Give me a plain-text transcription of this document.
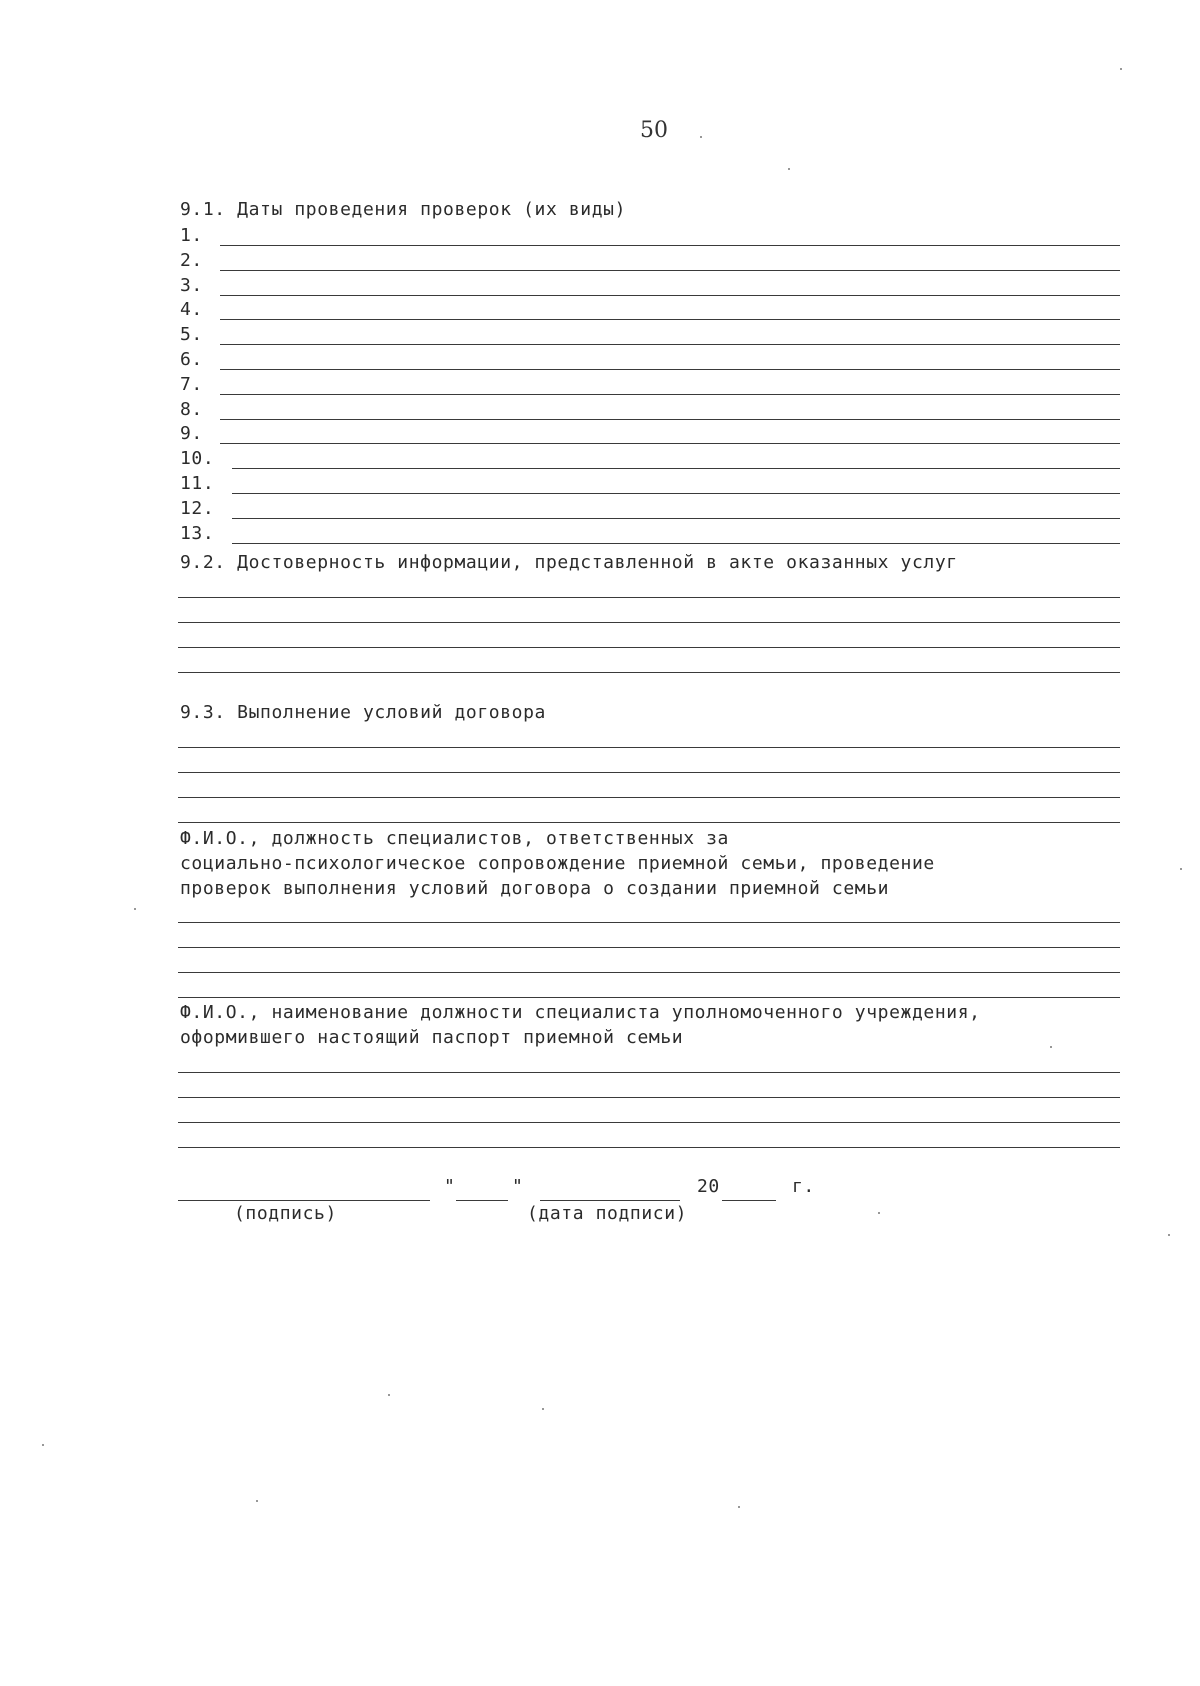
50
9.1. Даты проведения проверок (их виды)
1.
2.
3.
4.
5.
6.
7.
8.
9.
10.
11.
12.
13.
9.2. Достоверность информации, представленной в акте оказанных услуг
9.3. Выполнение условий договора
Ф.И.О., должность специалистов, ответственных за
социально-психологическое сопровождение приемной семьи, проведение
проверок выполнения условий договора о создании приемной семьи
Ф.И.О., наименование должности специалиста уполномоченного учреждения,
оформившего настоящий паспорт приемной семьи
"	"	20	г.
(подпись)	(дата подписи)
